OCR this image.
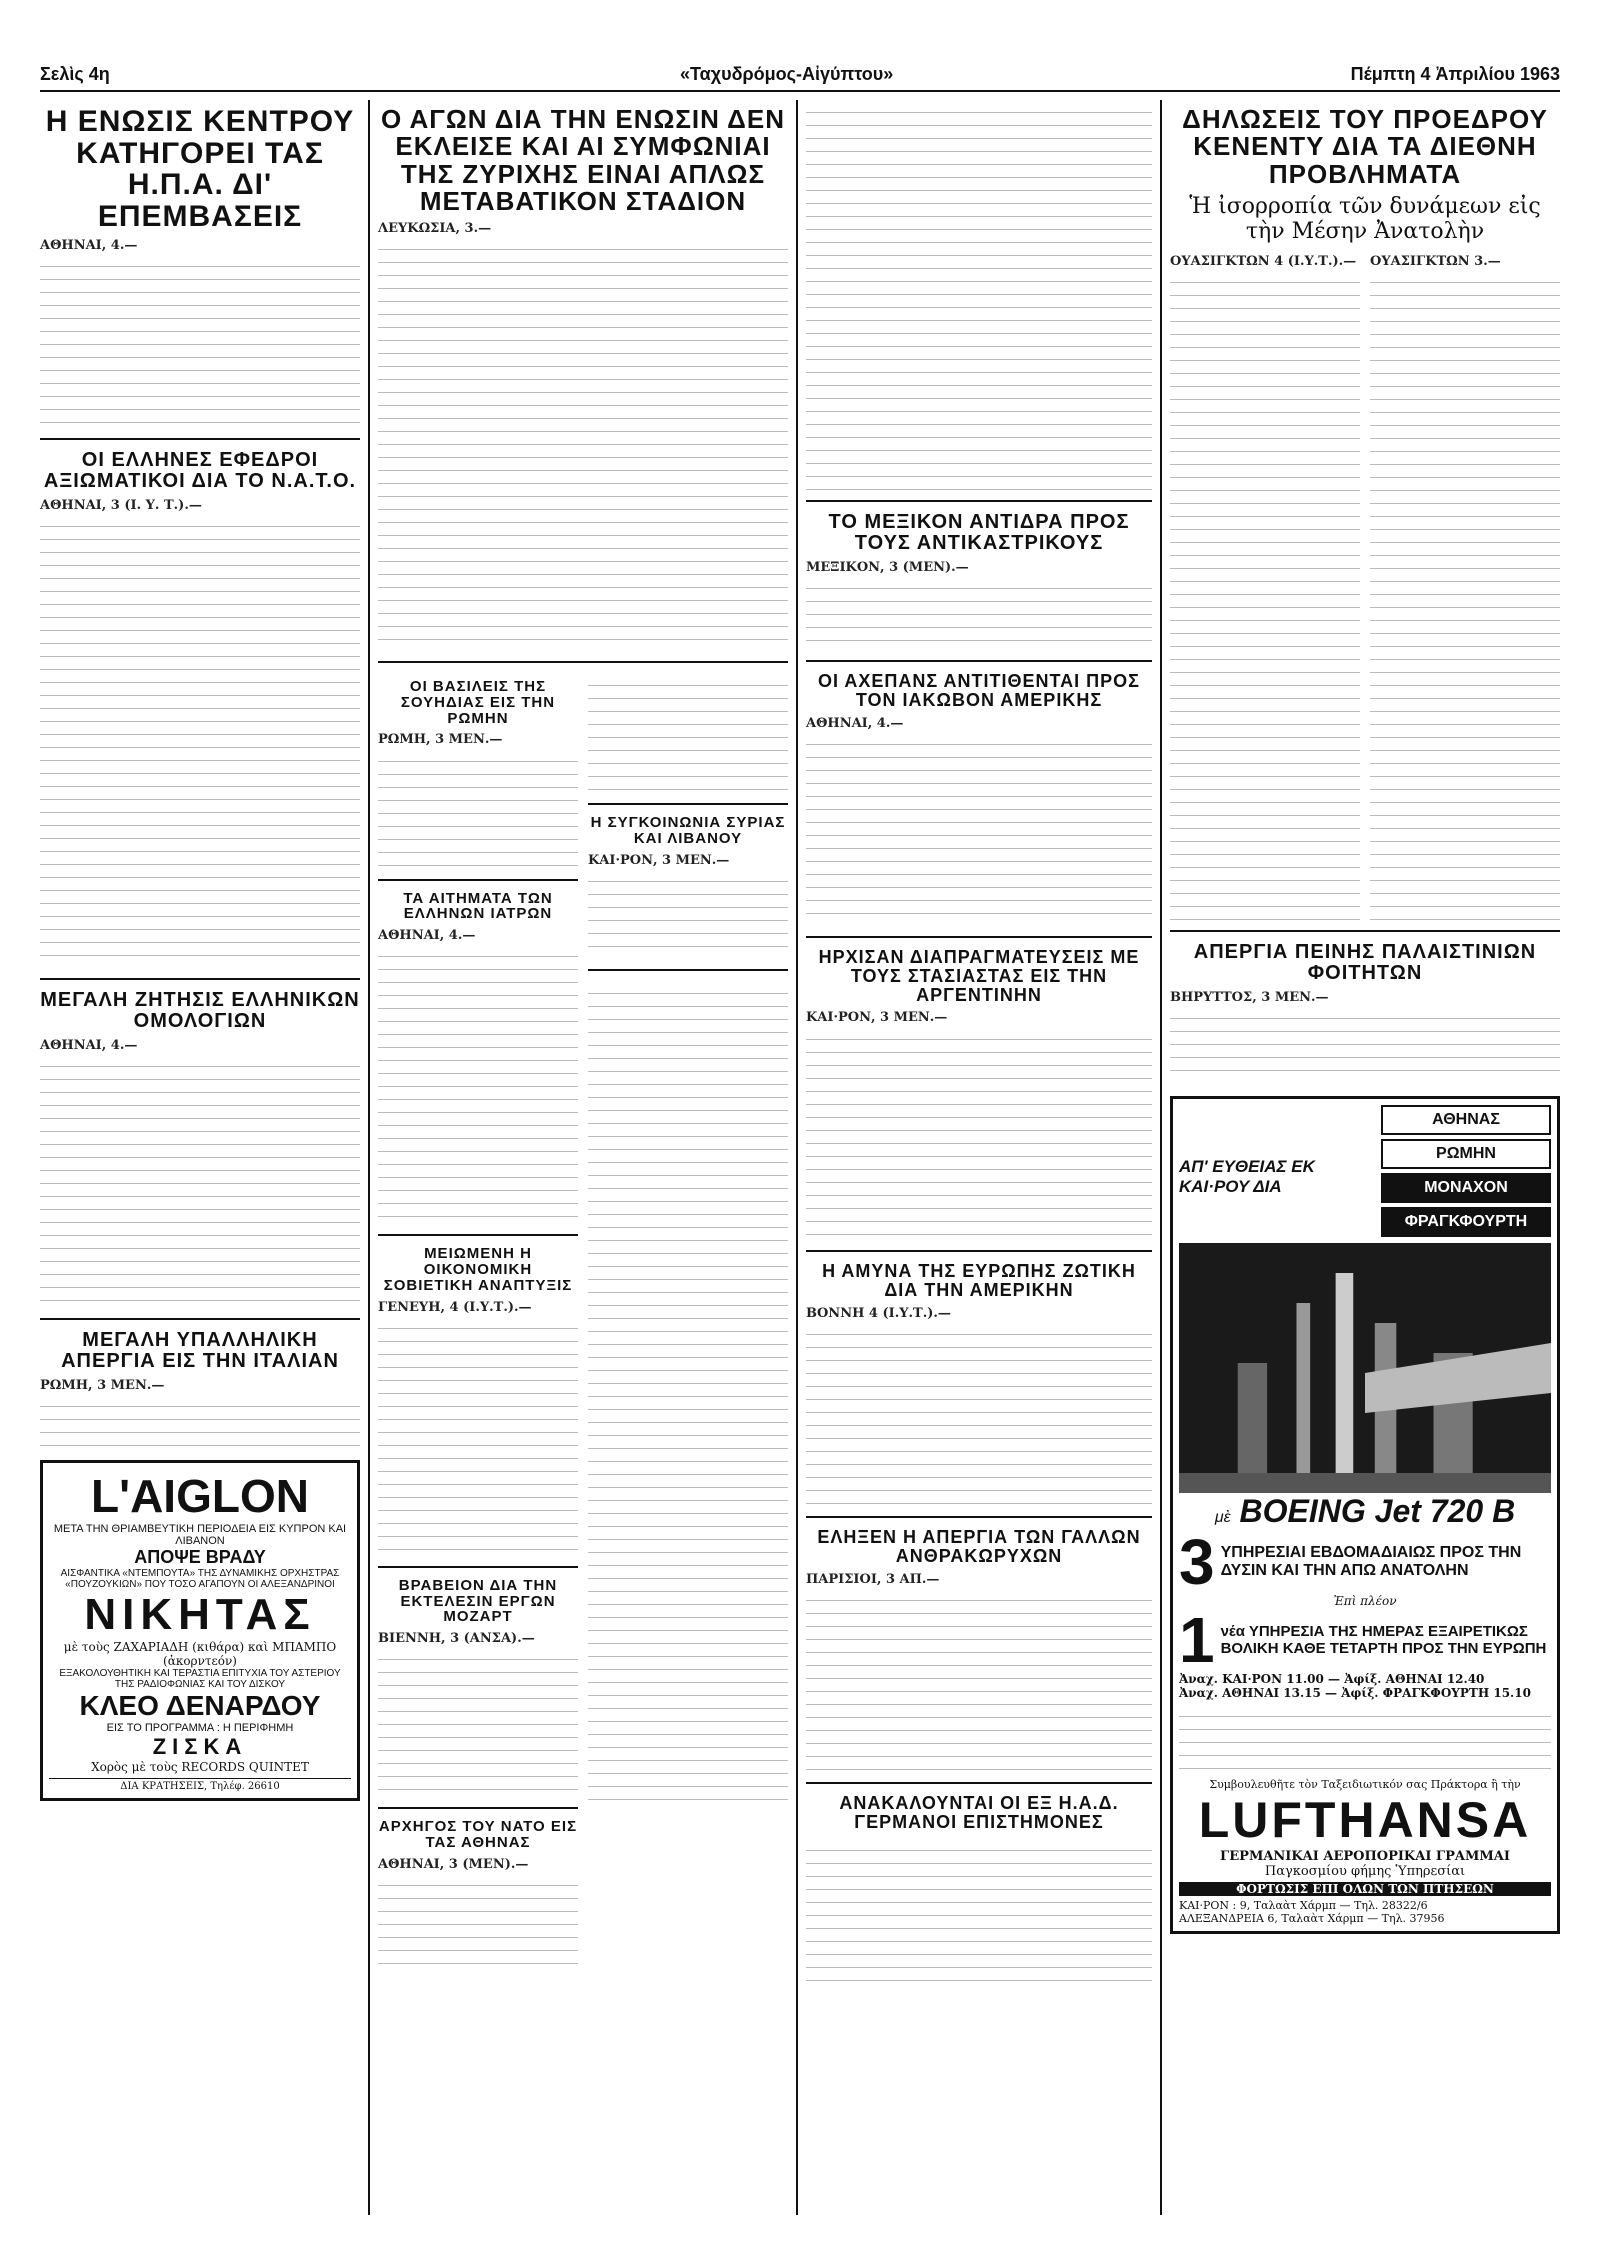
Σελὶς 4η	«Ταχυδρόμος-Αἰγύπτου»	Πέμπτη 4 Ἀπριλίου 1963
Η ΕΝΩΣΙΣ ΚΕΝΤΡΟΥ ΚΑΤΗΓΟΡΕΙ ΤΑΣ Η.Π.Α. ΔΙ' ΕΠΕΜΒΑΣΕΙΣ
ΑΘΗΝΑΙ, 4.—
ΟΙ ΕΛΛΗΝΕΣ ΕΦΕΔΡΟΙ ΑΞΙΩΜΑΤΙΚΟΙ ΔΙΑ ΤΟ Ν.Α.Τ.Ο.
ΑΘΗΝΑΙ, 3 (Ι. Υ. Τ.).—
ΜΕΓΑΛΗ ΖΗΤΗΣΙΣ ΕΛΛΗΝΙΚΩΝ ΟΜΟΛΟΓΙΩΝ
ΑΘΗΝΑΙ, 4.—
ΜΕΓΑΛΗ ΥΠΑΛΛΗΛΙΚΗ ΑΠΕΡΓΙΑ ΕΙΣ ΤΗΝ ΙΤΑΛΙΑΝ
ΡΩΜΗ, 3 ΜΕΝ.—
L'AIGLON
ΜΕΤΑ ΤΗΝ ΘΡΙΑΜΒΕΥΤΙΚΗ ΠΕΡΙΟΔΕΙΑ ΕΙΣ ΚΥΠΡΟΝ ΚΑΙ ΛΙΒΑΝΟΝ
ΑΠΟΨΕ ΒΡΑΔΥ
ΑΙΣΦΑΝΤΙΚΑ «ΝΤΕΜΠΟΥΤΑ» ΤΗΣ ΔΥΝΑΜΙΚΗΣ ΟΡΧΗΣΤΡΑΣ «ΠΟΥΖΟΥΚΙΩΝ» ΠΟΥ ΤΟΣΟ ΑΓΑΠΟΥΝ ΟΙ ΑΛΕΞΑΝΔΡΙΝΟΙ
ΝΙΚΗΤΑΣ
μὲ τοὺς ΖΑΧΑΡΙΑΔΗ (κιθάρα) καὶ ΜΠΑΜΠΟ (ἀκορντεόν)
ΕΞΑΚΟΛΟΥΘΗΤΙΚΗ ΚΑΙ ΤΕΡΑΣΤΙΑ ΕΠΙΤΥΧΙΑ ΤΟΥ ΑΣΤΕΡΙΟΥ ΤΗΣ ΡΑΔΙΟΦΩΝΙΑΣ ΚΑΙ ΤΟΥ ΔΙΣΚΟΥ
ΚΛΕΟ ΔΕΝΑΡΔΟΥ
ΕΙΣ ΤΟ ΠΡΟΓΡΑΜΜΑ : Η ΠΕΡΙΦΗΜΗ
ΖΙΣΚΑ
Χορὸς μὲ τοὺς RECORDS QUINTET
ΔΙΑ ΚΡΑΤΗΣΕΙΣ, Τηλέφ. 26610
Ο ΑΓΩΝ ΔΙΑ ΤΗΝ ΕΝΩΣΙΝ ΔΕΝ ΕΚΛΕΙΣΕ ΚΑΙ ΑΙ ΣΥΜΦΩΝΙΑΙ ΤΗΣ ΖΥΡΙΧΗΣ ΕΙΝΑΙ ΑΠΛΩΣ ΜΕΤΑΒΑΤΙΚΟΝ ΣΤΑΔΙΟΝ
ΛΕΥΚΩΣΙΑ, 3.—
ΟΙ ΒΑΣΙΛΕΙΣ ΤΗΣ ΣΟΥΗΔΙΑΣ ΕΙΣ ΤΗΝ ΡΩΜΗΝ
ΡΩΜΗ, 3 ΜΕΝ.—
ΤΑ ΑΙΤΗΜΑΤΑ ΤΩΝ ΕΛΛΗΝΩΝ ΙΑΤΡΩΝ
ΑΘΗΝΑΙ, 4.—
ΜΕΙΩΜΕΝΗ Η ΟΙΚΟΝΟΜΙΚΗ ΣΟΒΙΕΤΙΚΗ ΑΝΑΠΤΥΞΙΣ
ΓΕΝΕΥΗ, 4 (Ι.Υ.Τ.).—
ΒΡΑΒΕΙΟΝ ΔΙΑ ΤΗΝ ΕΚΤΕΛΕΣΙΝ ΕΡΓΩΝ ΜΟΖΑΡΤ
ΒΙΕΝΝΗ, 3 (ΑΝΣΑ).—
ΑΡΧΗΓΟΣ ΤΟΥ ΝΑΤΟ ΕΙΣ ΤΑΣ ΑΘΗΝΑΣ
ΑΘΗΝΑΙ, 3 (ΜΕΝ).—
Η ΣΥΓΚΟΙΝΩΝΙΑ ΣΥΡΙΑΣ ΚΑΙ ΛΙΒΑΝΟΥ
ΚΑΙ·ΡΟΝ, 3 ΜΕΝ.—
ΤΟ ΜΕΞΙΚΟΝ ΑΝΤΙΔΡΑ ΠΡΟΣ ΤΟΥΣ ΑΝΤΙΚΑΣΤΡΙΚΟΥΣ
ΜΕΞΙΚΟΝ, 3 (ΜΕΝ).—
ΟΙ ΑΧΕΠΑΝΣ ΑΝΤΙΤΙΘΕΝΤΑΙ ΠΡΟΣ ΤΟΝ ΙΑΚΩΒΟΝ ΑΜΕΡΙΚΗΣ
ΑΘΗΝΑΙ, 4.—
ΗΡΧΙΣΑΝ ΔΙΑΠΡΑΓΜΑΤΕΥΣΕΙΣ ΜΕ ΤΟΥΣ ΣΤΑΣΙΑΣΤΑΣ ΕΙΣ ΤΗΝ ΑΡΓΕΝΤΙΝΗΝ
ΚΑΙ·ΡΟΝ, 3 ΜΕΝ.—
Η ΑΜΥΝΑ ΤΗΣ ΕΥΡΩΠΗΣ ΖΩΤΙΚΗ ΔΙΑ ΤΗΝ ΑΜΕΡΙΚΗΝ
ΒΟΝΝΗ 4 (Ι.Υ.Τ.).—
ΕΛΗΞΕΝ Η ΑΠΕΡΓΙΑ ΤΩΝ ΓΑΛΛΩΝ ΑΝΘΡΑΚΩΡΥΧΩΝ
ΠΑΡΙΣΙΟΙ, 3 ΑΠ.—
ΑΝΑΚΑΛΟΥΝΤΑΙ ΟΙ ΕΞ Η.Α.Δ. ΓΕΡΜΑΝΟΙ ΕΠΙΣΤΗΜΟΝΕΣ
ΔΗΛΩΣΕΙΣ ΤΟΥ ΠΡΟΕΔΡΟΥ ΚΕΝΕΝΤΥ ΔΙΑ ΤΑ ΔΙΕΘΝΗ ΠΡΟΒΛΗΜΑΤΑ
Ἡ ἰσορροπία τῶν δυνάμεων εἰς τὴν Μέσην Ἀνατολὴν
ΟΥΑΣΙΓΚΤΩΝ 4 (Ι.Υ.Τ.).— ΟΥΑΣΙΓΚΤΩΝ 3.—
ΑΠΕΡΓΙΑ ΠΕΙΝΗΣ ΠΑΛΑΙΣΤΙΝΙΩΝ ΦΟΙΤΗΤΩΝ
ΒΗΡΥΤΤΟΣ, 3 ΜΕΝ.—
ΑΠ' ΕΥΘΕΙΑΣ ΕΚ ΚΑΙ·ΡΟΥ ΔΙΑ
ΑΘΗΝΑΣ
ΡΩΜΗΝ
ΜΟΝΑΧΟΝ
ΦΡΑΓΚΦΟΥΡΤΗ
μὲ BOEING Jet 720 B
3 ΥΠΗΡΕΣΙΑΙ ΕΒΔΟΜΑΔΙΑΙΩΣ ΠΡΟΣ ΤΗΝ ΔΥΣΙΝ ΚΑΙ ΤΗΝ ΑΠΩ ΑΝΑΤΟΛΗΝ
Ἐπὶ πλέον
1 νέα ΥΠΗΡΕΣΙΑ ΤΗΣ ΗΜΕΡΑΣ ΕΞΑΙΡΕΤΙΚΩΣ ΒΟΛΙΚΗ ΚΑΘΕ ΤΕΤΑΡΤΗ ΠΡΟΣ ΤΗΝ ΕΥΡΩΠΗ
Ἀναχ. ΚΑΙ·ΡΟΝ 11.00 — Ἀφίξ. ΑΘΗΝΑΙ 12.40
Ἀναχ. ΑΘΗΝΑΙ 13.15 — Ἀφίξ. ΦΡΑΓΚΦΟΥΡΤΗ 15.10
Συμβουλευθῆτε τὸν Ταξειδιωτικόν σας Πράκτορα ἢ τὴν
LUFTHANSA
ΓΕΡΜΑΝΙΚΑΙ ΑΕΡΟΠΟΡΙΚΑΙ ΓΡΑΜΜΑΙ
Παγκοσμίου φήμης Ὑπηρεσίαι
ΦΟΡΤΩΣΙΣ ΕΠΙ ΟΛΩΝ ΤΩΝ ΠΤΗΣΕΩΝ
ΚΑΙ·ΡΟΝ : 9, Ταλαὰτ Χάρμπ — Τηλ. 28322/6
ΑΛΕΞΑΝΔΡΕΙΑ 6, Ταλαὰτ Χάρμπ — Τηλ. 37956
